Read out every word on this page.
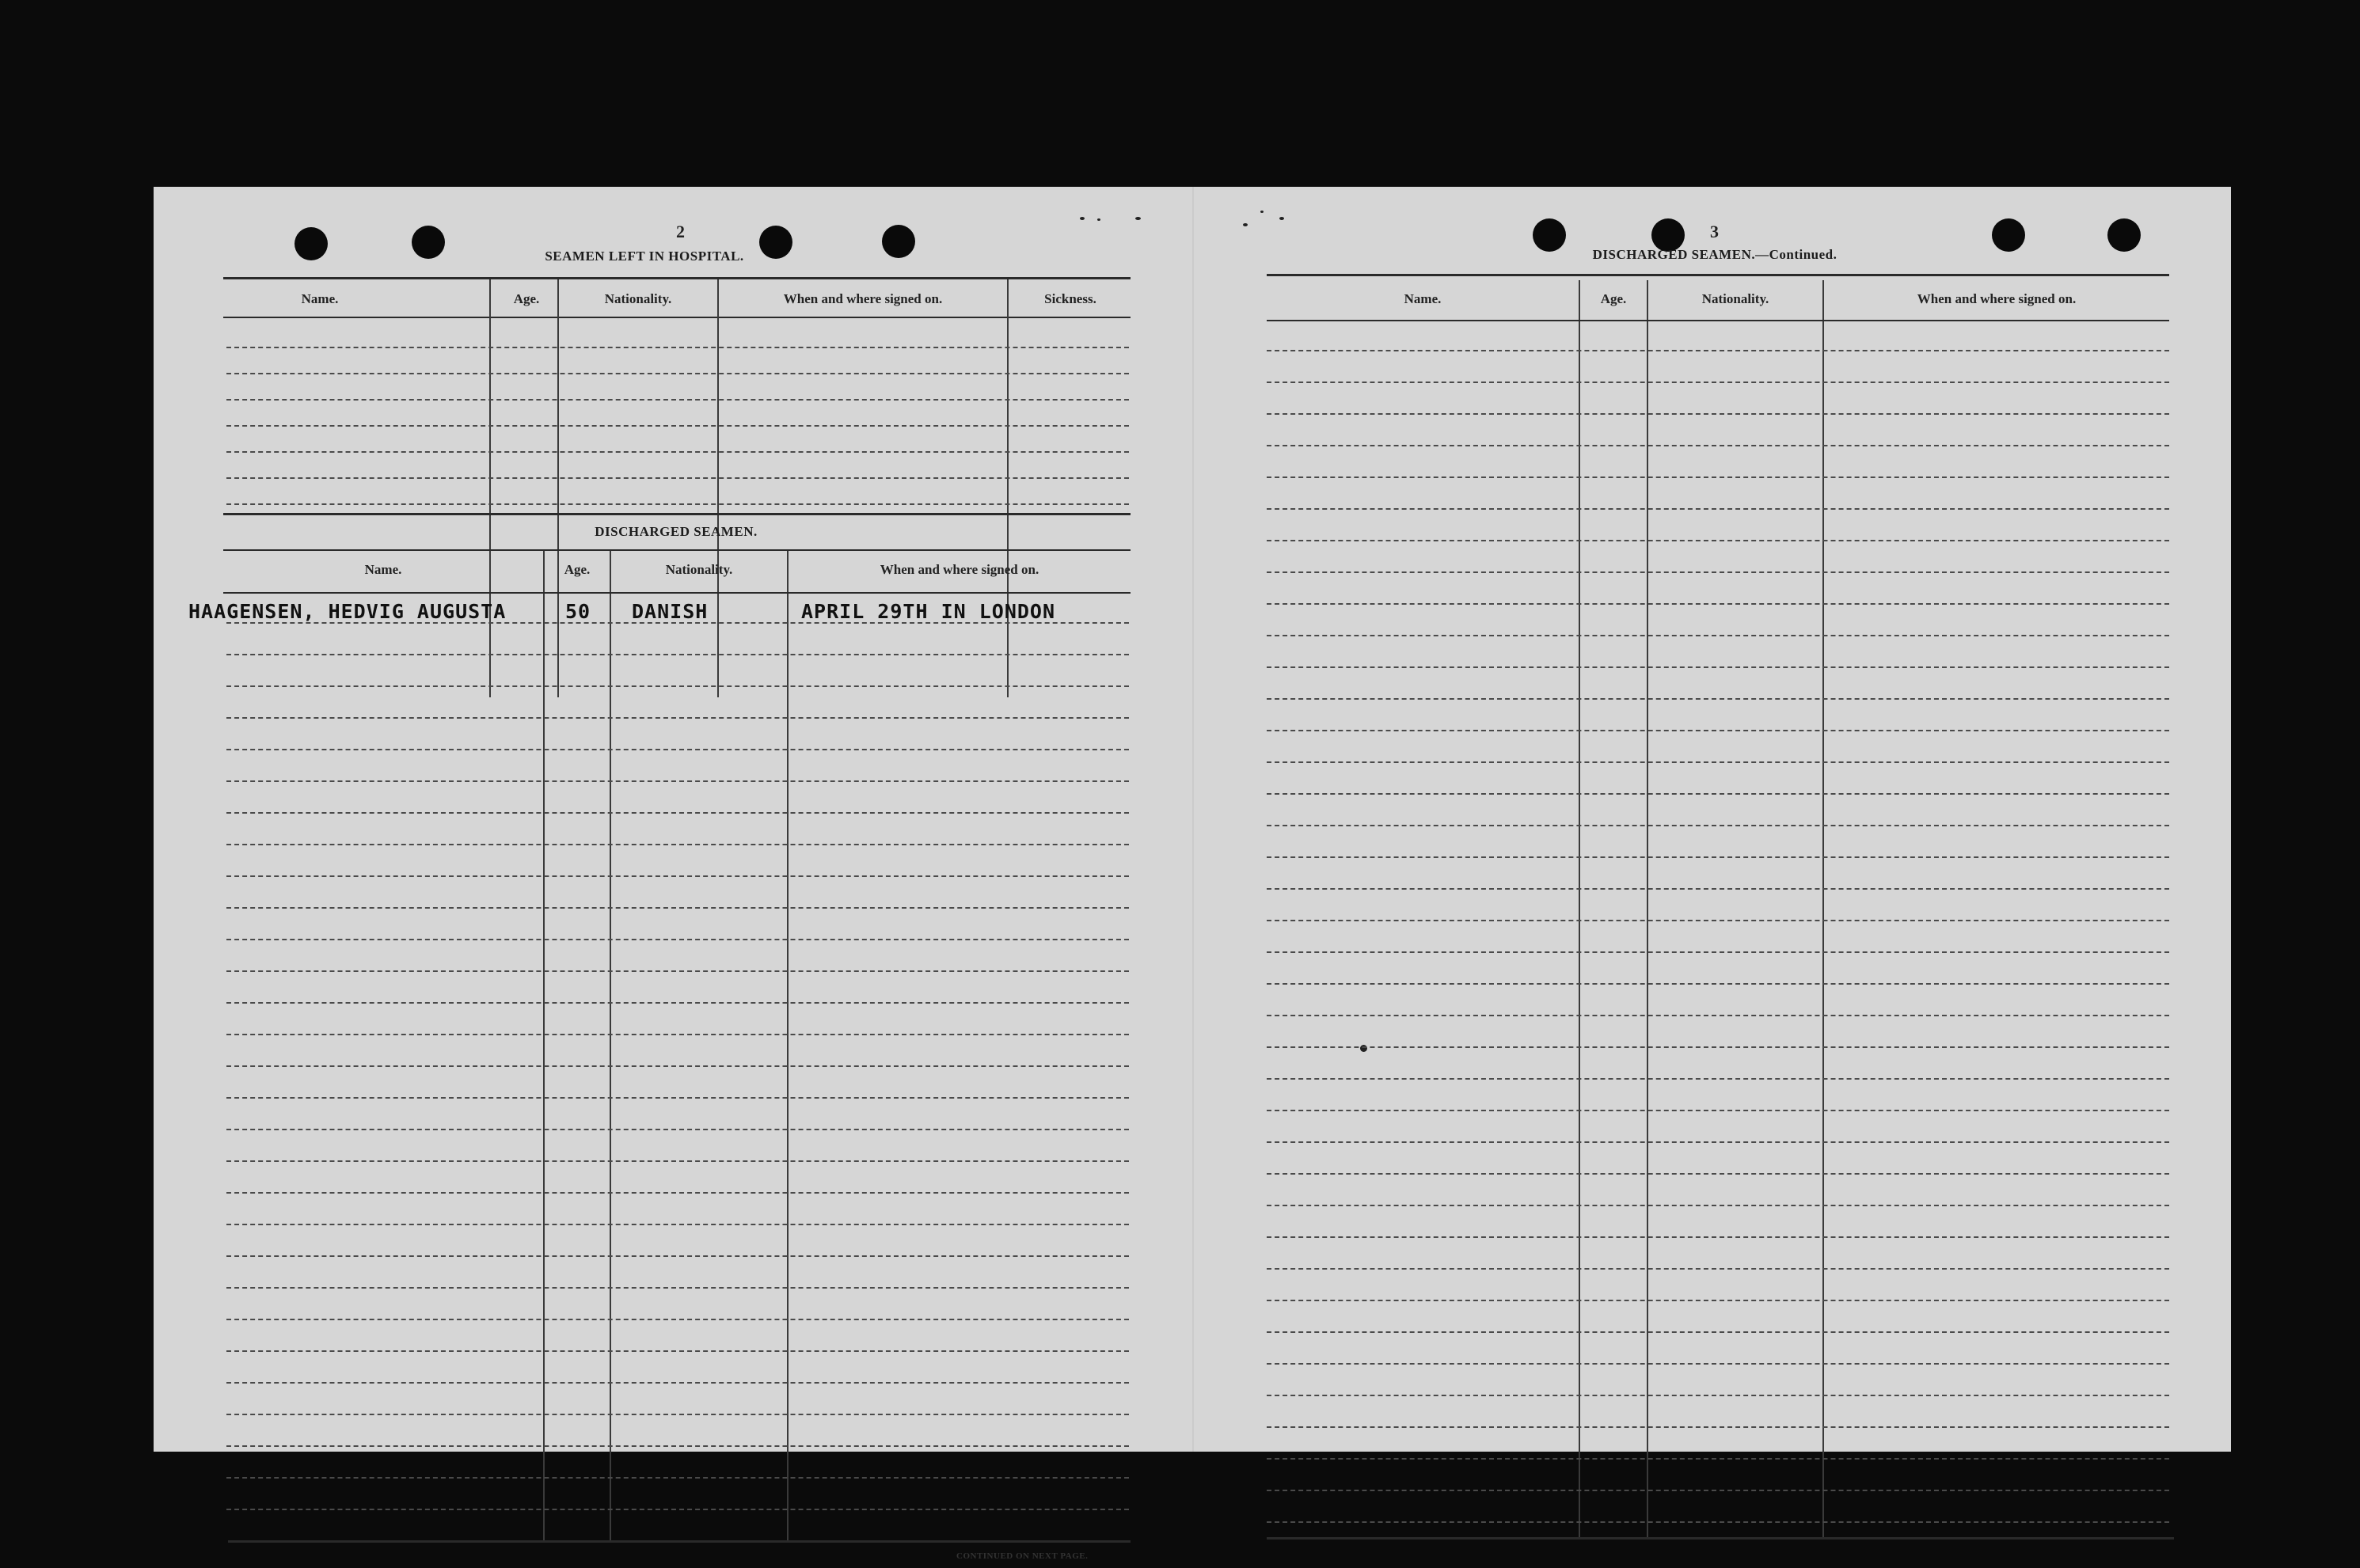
2
SEAMEN LEFT IN HOSPITAL.
Name.	Age.	Nationality.	When and where signed on.	Sickness.
DISCHARGED SEAMEN.
Name.	Age.	Nationality.	When and where signed on.
HAAGENSEN, HEDVIG AUGUSTA	50 DANISH	APRIL 29TH IN LONDON
CONTINUED ON NEXT PAGE.
3
DISCHARGED SEAMEN.—Continued.
Name.	Age.	Nationality.	When and where signed on.
